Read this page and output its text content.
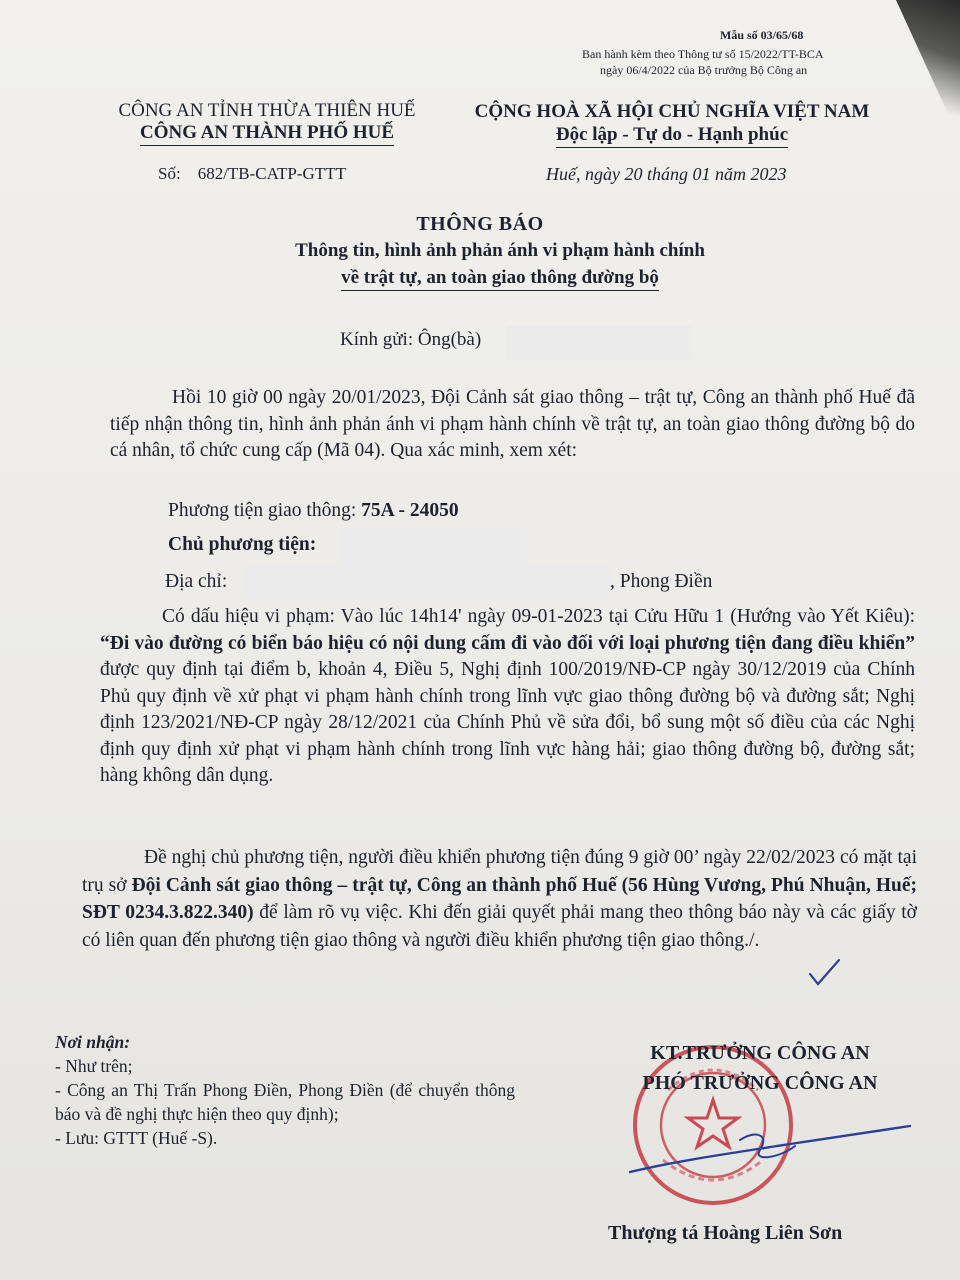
Mẫu số 03/65/68
Ban hành kèm theo Thông tư số 15/2022/TT-BCA
ngày 06/4/2022 của Bộ trưởng Bộ Công an
CÔNG AN TỈNH THỪA THIÊN HUẾ
CÔNG AN THÀNH PHỐ HUẾ
CỘNG HOÀ XÃ HỘI CHỦ NGHĨA VIỆT NAM
Độc lập - Tự do - Hạnh phúc
Số: 682/TB-CATP-GTTT	Huế, ngày 20 tháng 01 năm 2023
THÔNG BÁO
Thông tin, hình ảnh phản ánh vi phạm hành chính
về trật tự, an toàn giao thông đường bộ
Kính gửi: Ông(bà)

Hồi 10 giờ 00 ngày 20/01/2023, Đội Cảnh sát giao thông – trật tự, Công an thành phố Huế đã tiếp nhận thông tin, hình ảnh phản ánh vi phạm hành chính về trật tự, an toàn giao thông đường bộ do cá nhân, tổ chức cung cấp (Mã 04). Qua xác minh, xem xét:

Phương tiện giao thông: 75A - 24050
Chủ phương tiện:
Địa chỉ:	, Phong Điền

Có dấu hiệu vi phạm: Vào lúc 14h14' ngày 09-01-2023 tại Cửu Hữu 1 (Hướng vào Yết Kiêu): “Đi vào đường có biển báo hiệu có nội dung cấm đi vào đối với loại phương tiện đang điều khiển” được quy định tại điểm b, khoản 4, Điều 5, Nghị định 100/2019/NĐ-CP ngày 30/12/2019 của Chính Phủ quy định về xử phạt vi phạm hành chính trong lĩnh vực giao thông đường bộ và đường sắt; Nghị định 123/2021/NĐ-CP ngày 28/12/2021 của Chính Phủ về sửa đổi, bổ sung một số điều của các Nghị định quy định xử phạt vi phạm hành chính trong lĩnh vực hàng hải; giao thông đường bộ, đường sắt; hàng không dân dụng.

Đề nghị chủ phương tiện, người điều khiển phương tiện đúng 9 giờ 00’ ngày 22/02/2023 có mặt tại trụ sở Đội Cảnh sát giao thông – trật tự, Công an thành phố Huế (56 Hùng Vương, Phú Nhuận, Huế; SĐT 0234.3.822.340) để làm rõ vụ việc. Khi đến giải quyết phải mang theo thông báo này và các giấy tờ có liên quan đến phương tiện giao thông và người điều khiển phương tiện giao thông./.

Nơi nhận:

- Như trên;

- Công an Thị Trấn Phong Điền, Phong Điền (để chuyển thông báo và đề nghị thực hiện theo quy định);

- Lưu: GTTT (Huế -S).

KT.TRƯỞNG CÔNG AN
PHÓ TRƯỞNG CÔNG AN
Thượng tá Hoàng Liên Sơn
